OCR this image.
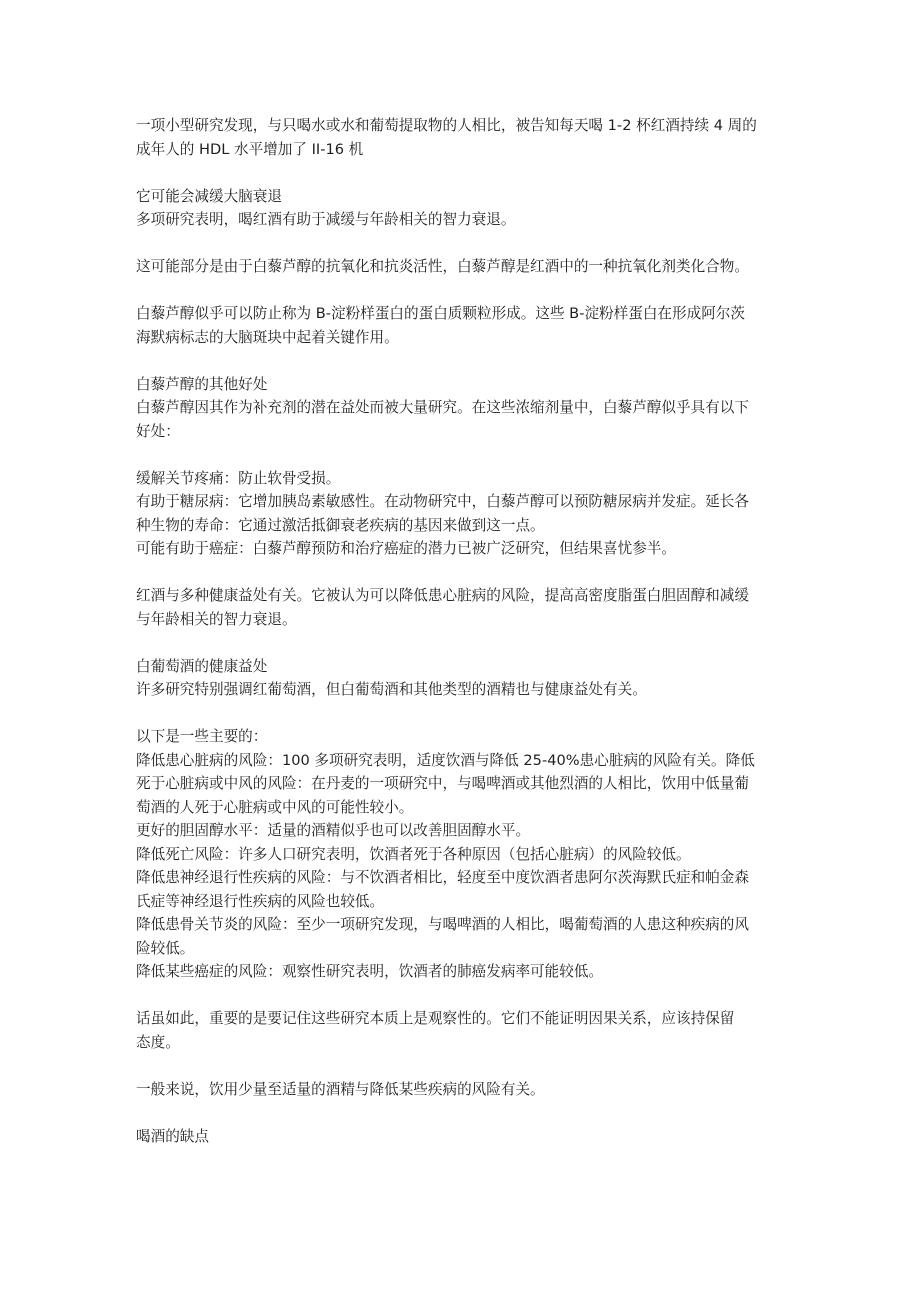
一项小型研究发现，与只喝水或水和葡萄提取物的人相比，被告知每天喝 1-2 杯红酒持续 4 周的
成年人的 HDL 水平增加了 II-16 机
它可能会减缓大脑衰退
多项研究表明，喝红酒有助于减缓与年龄相关的智力衰退。
这可能部分是由于白藜芦醇的抗氧化和抗炎活性，白藜芦醇是红酒中的一种抗氧化剂类化合物。
白藜芦醇似乎可以防止称为 B-淀粉样蛋白的蛋白质颗粒形成。这些 B-淀粉样蛋白在形成阿尔茨
海默病标志的大脑斑块中起着关键作用。
白藜芦醇的其他好处
白藜芦醇因其作为补充剂的潜在益处而被大量研究。在这些浓缩剂量中，白藜芦醇似乎具有以下
好处：
缓解关节疼痛：防止软骨受损。
有助于糖尿病：它增加胰岛素敏感性。在动物研究中，白藜芦醇可以预防糖尿病并发症。延长各
种生物的寿命：它通过激活抵御衰老疾病的基因来做到这一点。
可能有助于癌症：白藜芦醇预防和治疗癌症的潜力已被广泛研究，但结果喜忧参半。
红酒与多种健康益处有关。它被认为可以降低患心脏病的风险，提高高密度脂蛋白胆固醇和减缓
与年龄相关的智力衰退。
白葡萄酒的健康益处
许多研究特别强调红葡萄酒，但白葡萄酒和其他类型的酒精也与健康益处有关。
以下是一些主要的：
降低患心脏病的风险：100 多项研究表明，适度饮酒与降低 25-40%患心脏病的风险有关。降低
死于心脏病或中风的风险：在丹麦的一项研究中，与喝啤酒或其他烈酒的人相比，饮用中低量葡
萄酒的人死于心脏病或中风的可能性较小。
更好的胆固醇水平：适量的酒精似乎也可以改善胆固醇水平。
降低死亡风险：许多人口研究表明，饮酒者死于各种原因（包括心脏病）的风险较低。
降低患神经退行性疾病的风险：与不饮酒者相比，轻度至中度饮酒者患阿尔茨海默氏症和帕金森
氏症等神经退行性疾病的风险也较低。
降低患骨关节炎的风险：至少一项研究发现，与喝啤酒的人相比，喝葡萄酒的人患这种疾病的风
险较低。
降低某些癌症的风险：观察性研究表明，饮酒者的肺癌发病率可能较低。
话虽如此，重要的是要记住这些研究本质上是观察性的。它们不能证明因果关系，应该持保留
态度。
一般来说，饮用少量至适量的酒精与降低某些疾病的风险有关。
喝酒的缺点
